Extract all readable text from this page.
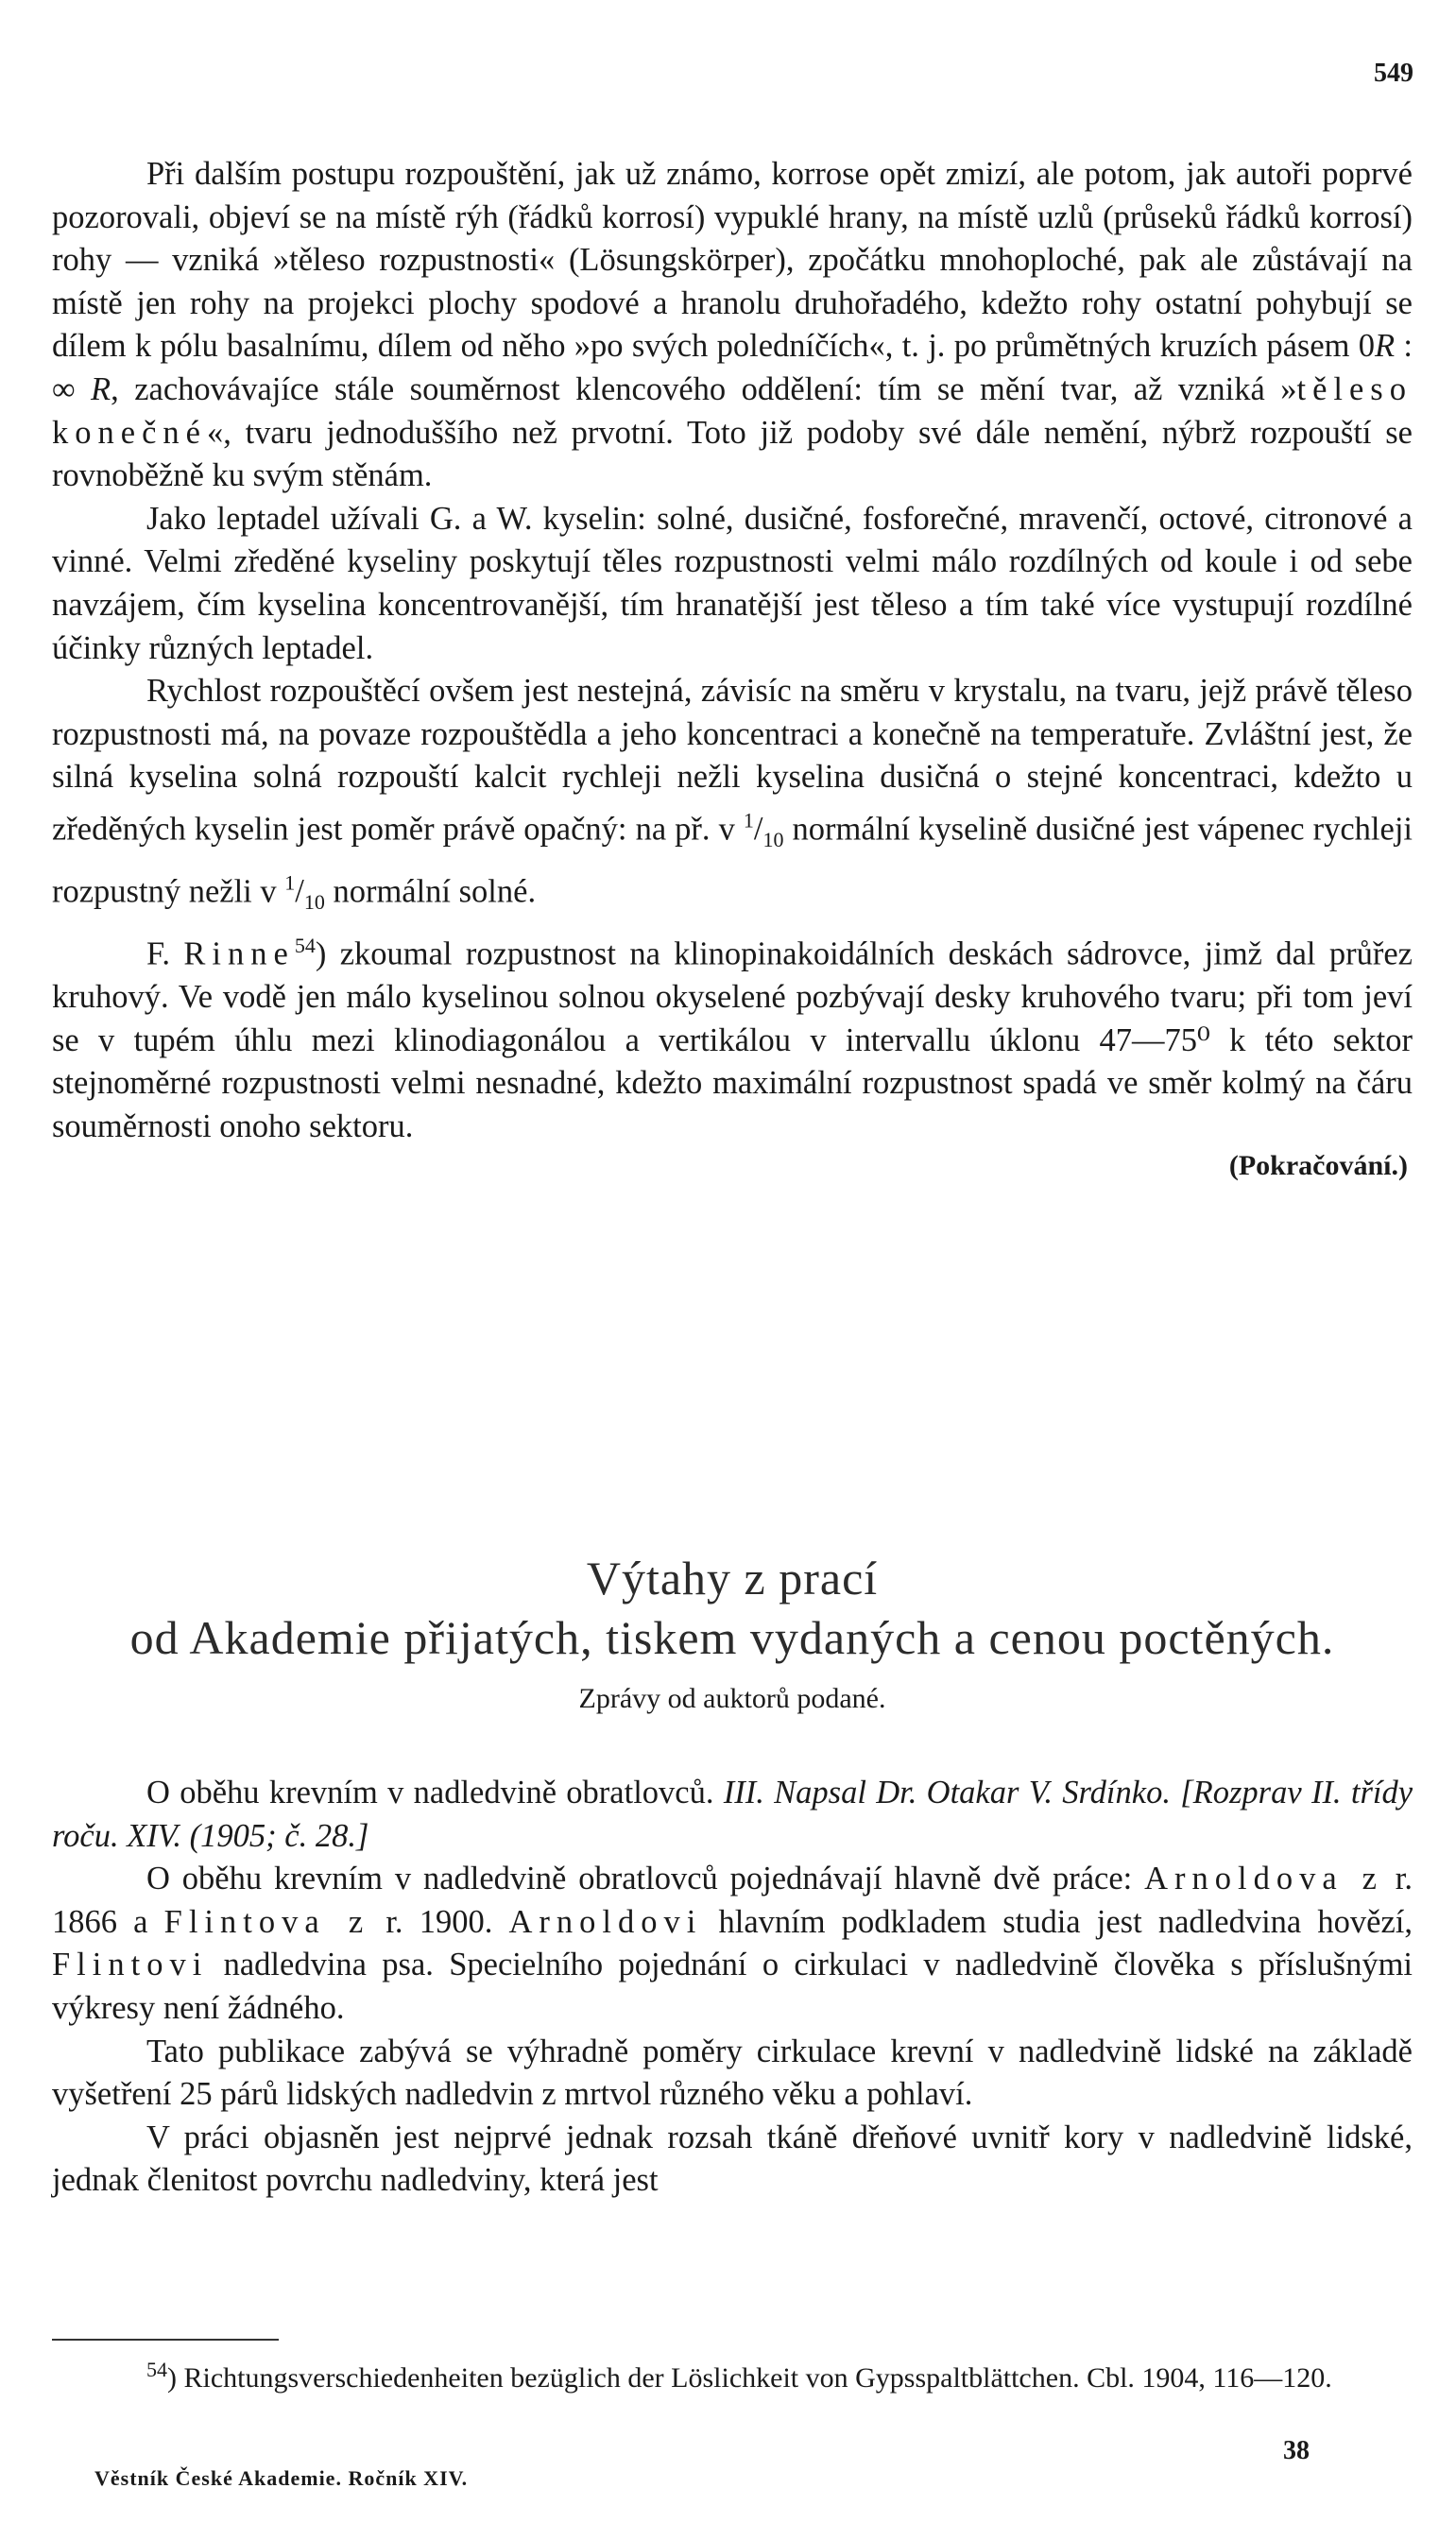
549

Při dalším postupu rozpouštění, jak už známo, korrose opět zmizí, ale potom, jak autoři poprvé pozorovali, objeví se na místě rýh (řádků korrosí) vypuklé hrany, na místě uzlů (průseků řádků korrosí) rohy — vzniká »těleso rozpustnosti« (Lösungskörper), zpočátku mnohoploché, pak ale zůstávají na místě jen rohy na projekci plochy spodové a hranolu druhořadého, kdežto rohy ostatní pohybují se dílem k pólu basalnímu, dílem od něho »po svých poledníčích«, t. j. po průmětných kruzích pásem 0R : ∞ R, zachovávajíce stále souměrnost klencového oddělení: tím se mění tvar, až vzniká »těleso konečné«, tvaru jednoduššího než prvotní. Toto již podoby své dále nemění, nýbrž rozpouští se rovnoběžně ku svým stěnám.

Jako leptadel užívali G. a W. kyselin: solné, dusičné, fosforečné, mravenčí, octové, citronové a vinné. Velmi zředěné kyseliny poskytují těles rozpustnosti velmi málo rozdílných od koule i od sebe navzájem, čím kyselina koncentrovanější, tím hranatější jest těleso a tím také více vystupují rozdílné účinky různých leptadel.

Rychlost rozpouštěcí ovšem jest nestejná, závisíc na směru v krystalu, na tvaru, jejž právě těleso rozpustnosti má, na povaze rozpouštědla a jeho koncentraci a konečně na temperatuře. Zvláštní jest, že silná kyselina solná rozpouští kalcit rychleji nežli kyselina dusičná o stejné koncentraci, kdežto u zředěných kyselin jest poměr právě opačný: na př. v $^1/_{10}$ normální kyselině dusičné jest vápenec rychleji rozpustný nežli v $^1/_{10}$ normální solné.

F. Rinne$^{54}$) zkoumal rozpustnost na klinopinakoidálních deskách sádrovce, jimž dal průřez kruhový. Ve vodě jen málo kyselinou solnou okyselené pozbývají desky kruhového tvaru; při tom jeví se v tupém úhlu mezi klinodiagonálou a vertikálou v intervallu úklonu 47—75⁰ k této sektor stejnoměrné rozpustnosti velmi nesnadné, kdežto maximální rozpustnost spadá ve směr kolmý na čáru souměrnosti onoho sektoru.

(Pokračování.)
Výtahy z prací
od Akademie přijatých, tiskem vydaných a cenou poctěných.
Zprávy od auktorů podané.

O oběhu krevním v nadledvině obratlovců. III. Napsal Dr. Otakar V. Srdínko. [Rozprav II. třídy roču. XIV. (1905; č. 28.]

O oběhu krevním v nadledvině obratlovců pojednávají hlavně dvě práce: Arnoldova z r. 1866 a Flintova z r. 1900. Arnoldovi hlavním podkladem studia jest nadledvina hovězí, Flintovi nadledvina psa. Specielního pojednání o cirkulaci v nadledvině člověka s příslušnými výkresy není žádného.

Tato publikace zabývá se výhradně poměry cirkulace krevní v nadledvině lidské na základě vyšetření 25 párů lidských nadledvin z mrtvol různého věku a pohlaví.

V práci objasněn jest nejprvé jednak rozsah tkáně dřeňové uvnitř kory v nadledvině lidské, jednak členitost povrchu nadledviny, která jest

$^{54}$) Richtungsverschiedenheiten bezüglich der Löslichkeit von Gypsspaltblättchen. Cbl. 1904, 116—120.

Věstník České Akademie. Ročník XIV.
38
